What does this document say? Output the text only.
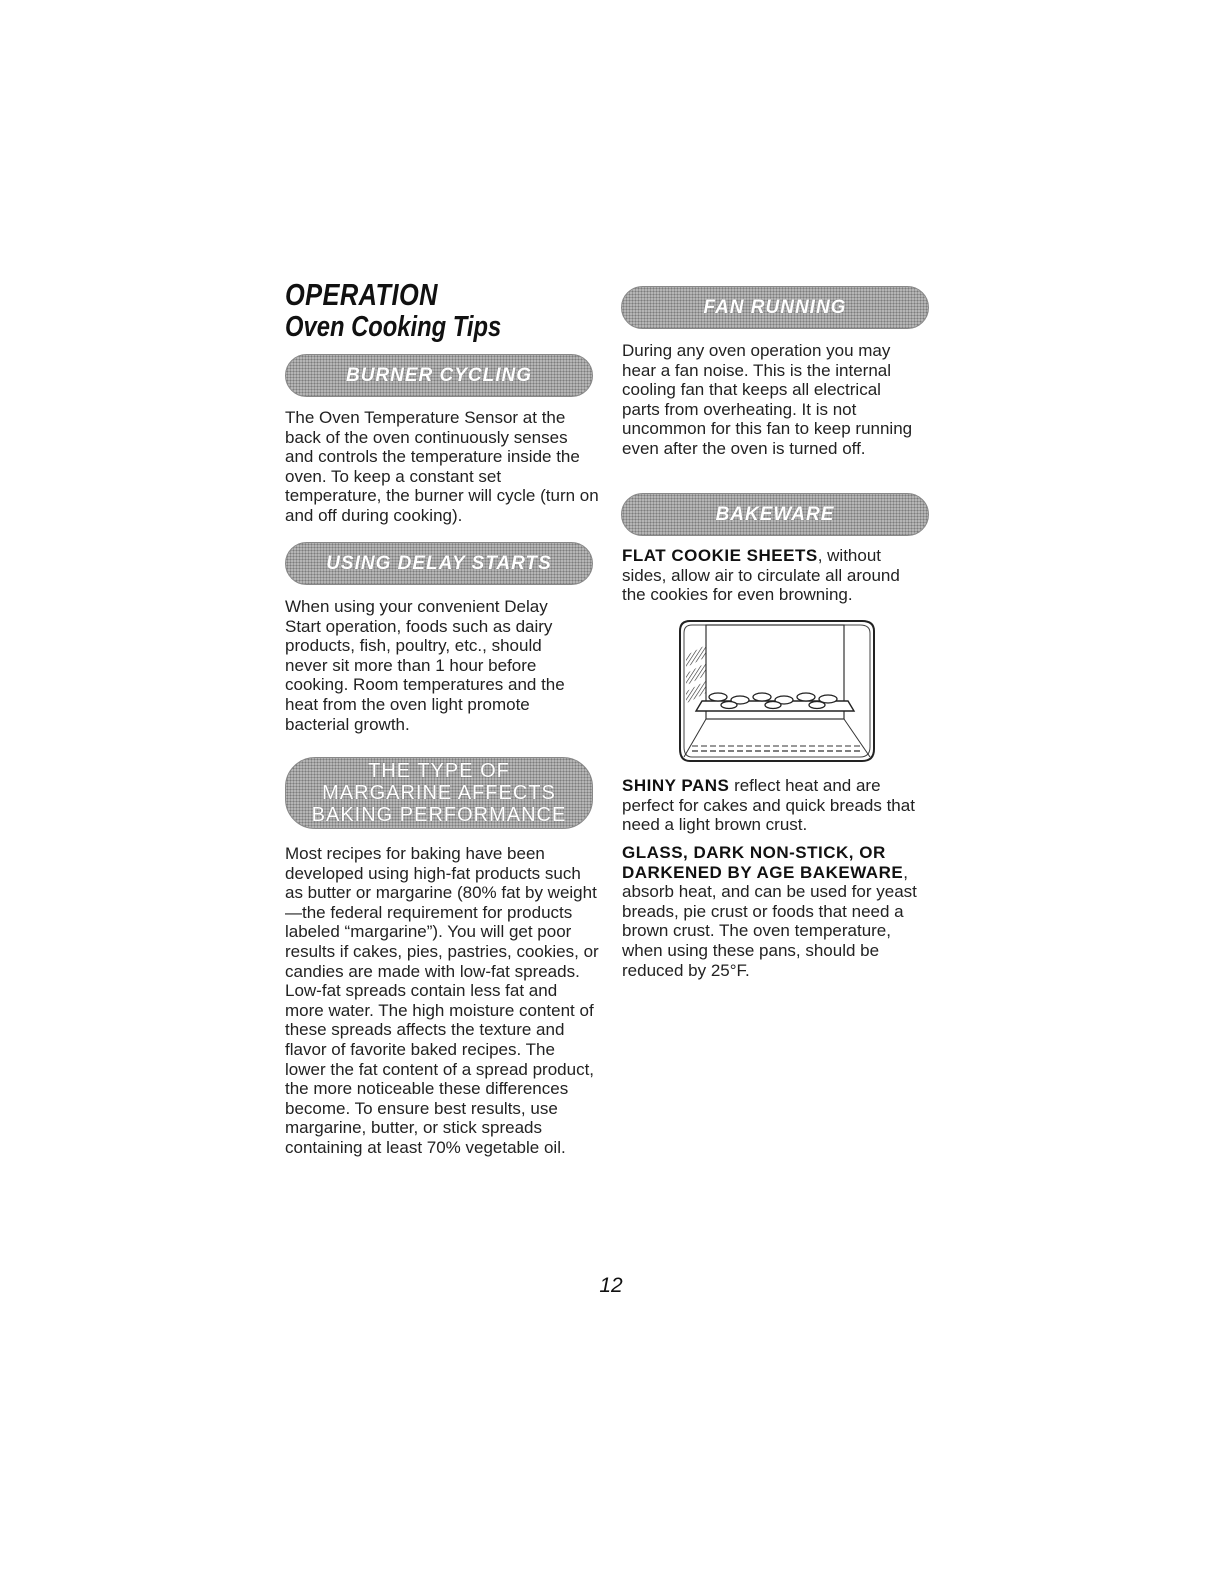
OPERATION
Oven Cooking Tips
BURNER CYCLING

The Oven Temperature Sensor at the back of the oven continuously senses and controls the temperature inside the oven. To keep a constant set temperature, the burner will cycle (turn on and off during cooking).

USING DELAY STARTS

When using your convenient Delay Start operation, foods such as dairy products, fish, poultry, etc., should never sit more than 1 hour before cooking. Room temperatures and the heat from the oven light promote bacterial growth.

THE TYPE OF
MARGARINE AFFECTS
BAKING PERFORMANCE

Most recipes for baking have been developed using high-fat products such as butter or margarine (80% fat by weight—the federal requirement for products labeled “margarine”). You will get poor results if cakes, pies, pastries, cookies, or candies are made with low-fat spreads. Low-fat spreads contain less fat and more water. The high moisture content of these spreads affects the texture and flavor of favorite baked recipes. The lower the fat content of a spread product, the more noticeable these differences become. To ensure best results, use margarine, butter, or stick spreads containing at least 70% vegetable oil.

FAN RUNNING

During any oven operation you may hear a fan noise. This is the internal cooling fan that keeps all electrical parts from overheating. It is not uncommon for this fan to keep running even after the oven is turned off.

BAKEWARE

FLAT COOKIE SHEETS, without sides, allow air to circulate all around the cookies for even browning.

SHINY PANS reflect heat and are perfect for cakes and quick breads that need a light brown crust.

GLASS, DARK NON-STICK, OR DARKENED BY AGE BAKEWARE, absorb heat, and can be used for yeast breads, pie crust or foods that need a brown crust. The oven temperature, when using these pans, should be reduced by 25°F.

12
